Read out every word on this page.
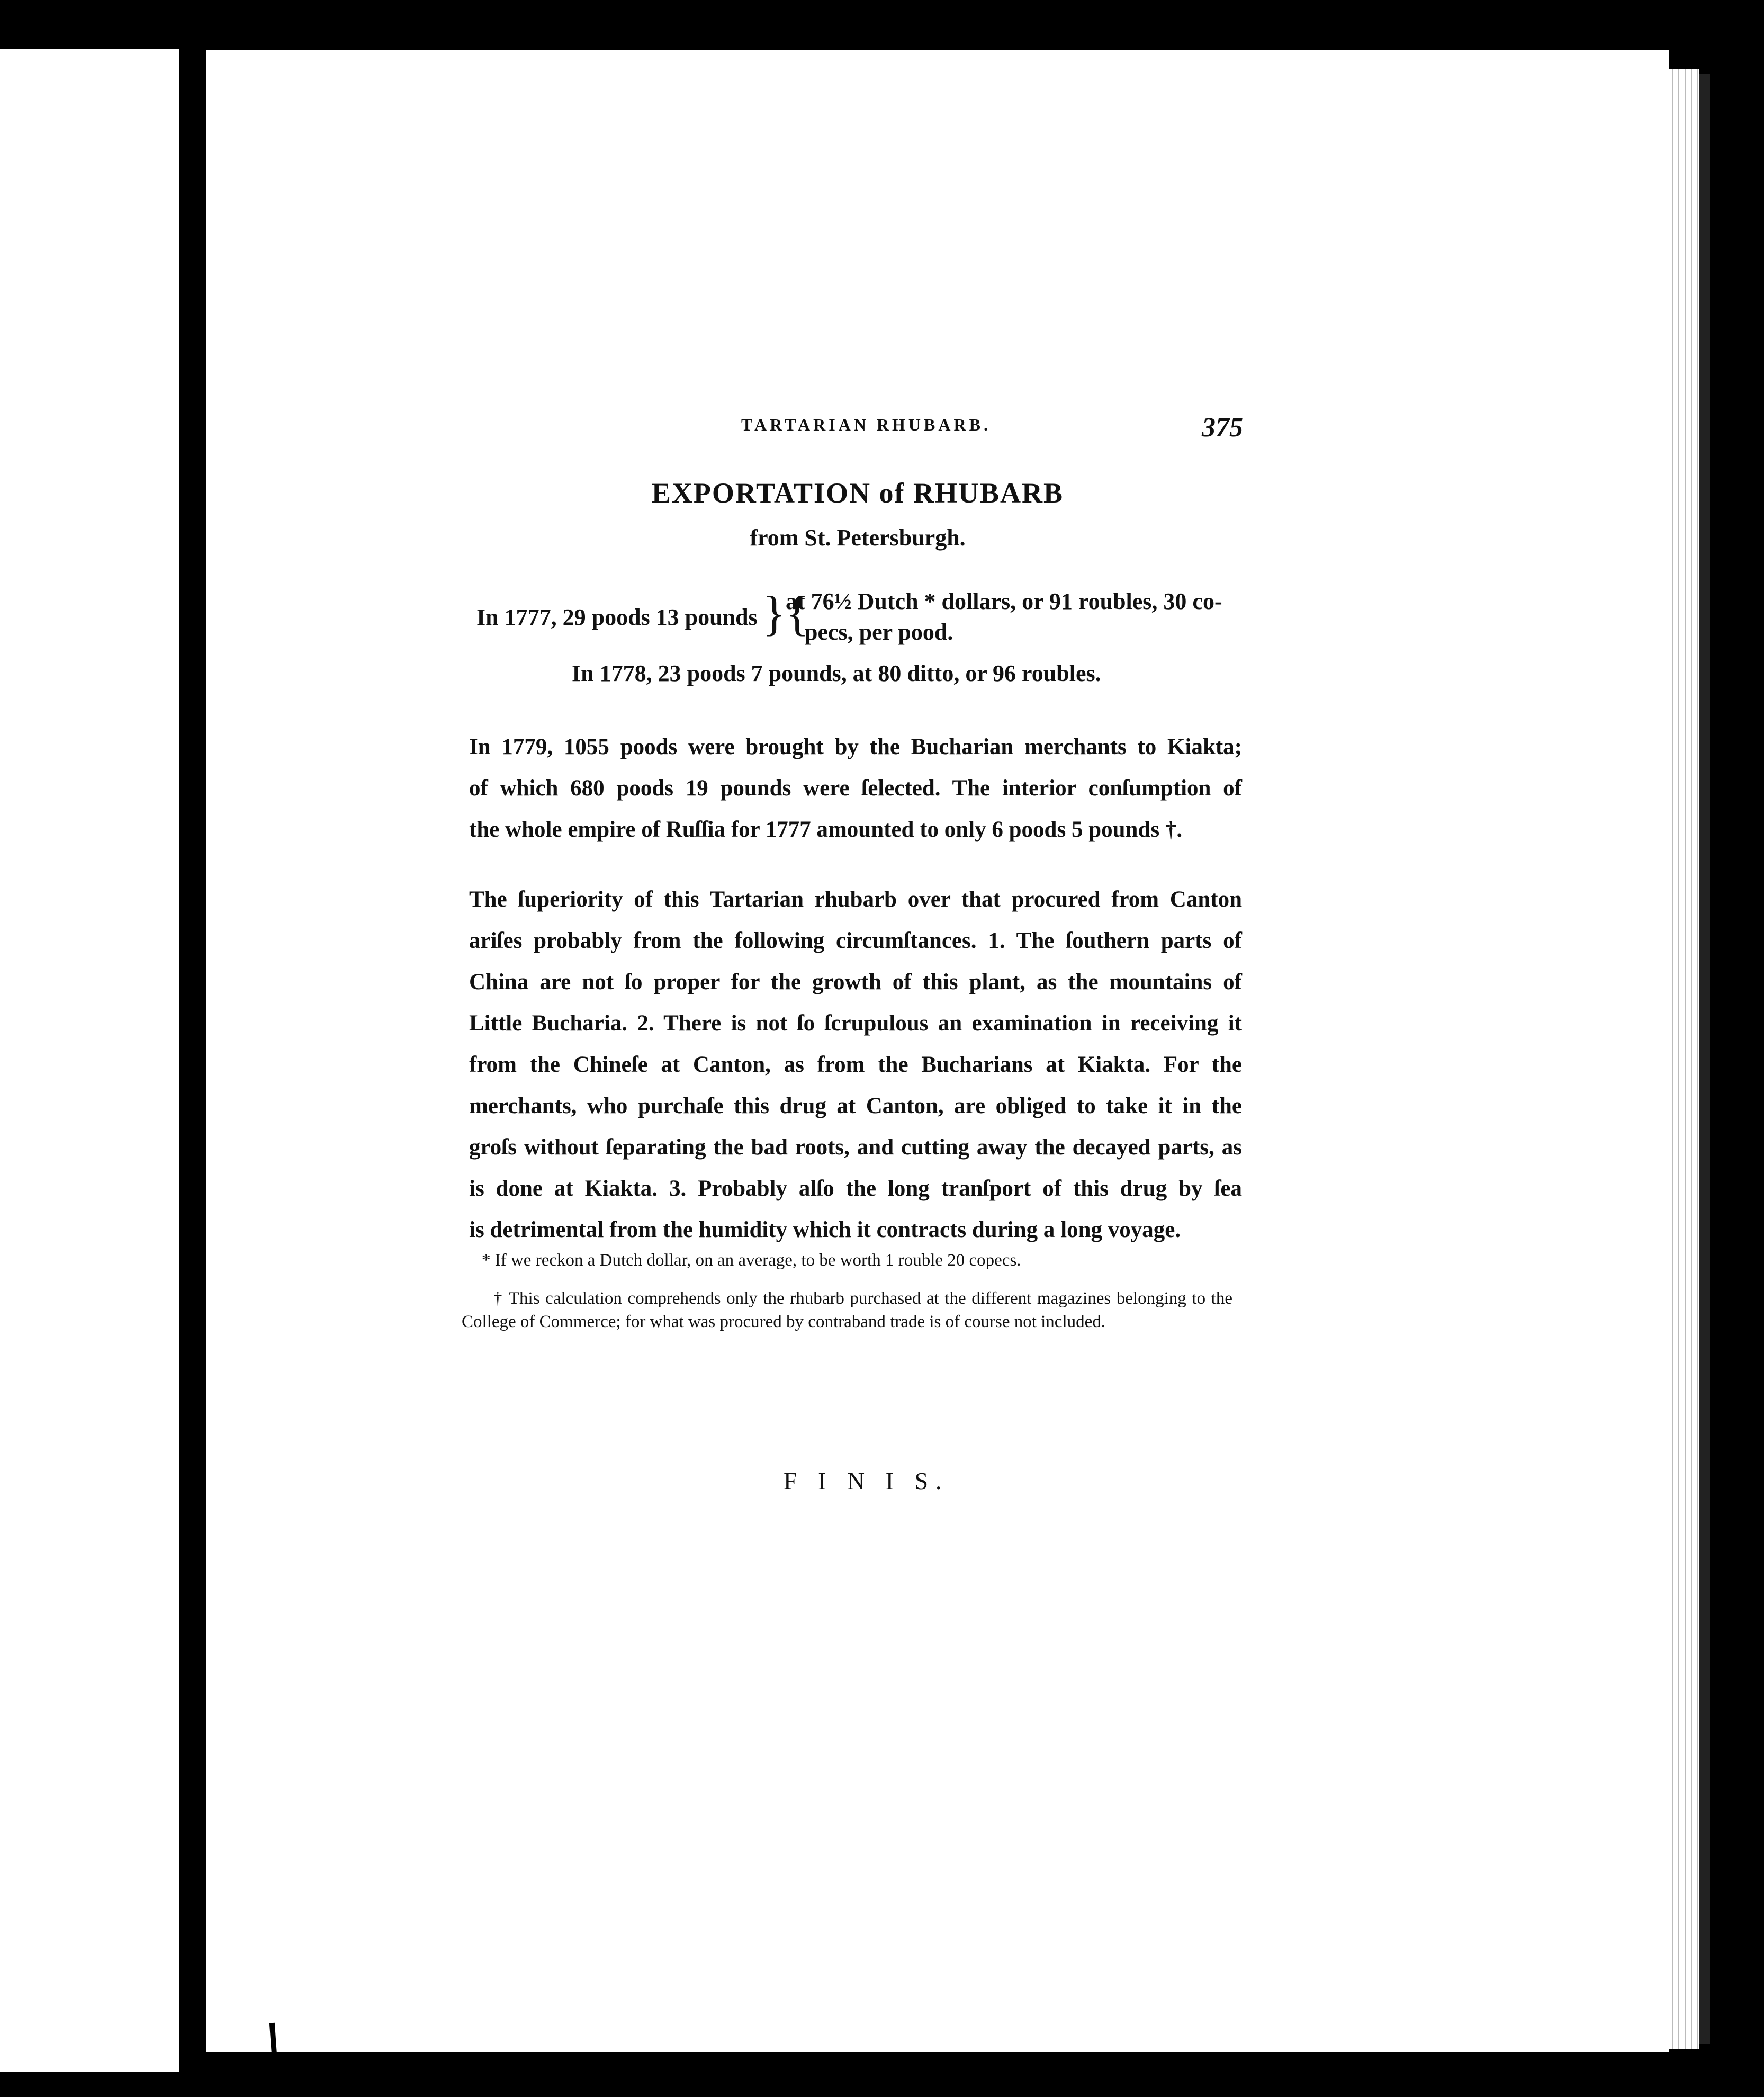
TARTARIAN RHUBARB.	375
EXPORTATION of RHUBARB
from St. Petersburgh.
In 1777, 29 poods 13 pounds }{
at 76½ Dutch * dollars, or 91 roubles, 30 co-
pecs, per pood.
In 1778, 23 poods 7 pounds, at 80 ditto, or 96 roubles.
In 1779, 1055 poods were brought by the Bucharian merchants to Kiakta;
of which 680 poods 19 pounds were ſelected. The interior conſumption of
the whole empire of Ruſſia for 1777 amounted to only 6 poods 5 pounds †.
The ſuperiority of this Tartarian rhubarb over that procured from Canton
ariſes probably from the following circumſtances. 1. The ſouthern parts of
China are not ſo proper for the growth of this plant, as the mountains of
Little Bucharia. 2. There is not ſo ſcrupulous an examination in receiving it
from the Chineſe at Canton, as from the Bucharians at Kiakta. For the
merchants, who purchaſe this drug at Canton, are obliged to take it in the
groſs without ſeparating the bad roots, and cutting away the decayed parts, as
is done at Kiakta. 3. Probably alſo the long tranſport of this drug by ſea
is detrimental from the humidity which it contracts during a long voyage.
* If we reckon a Dutch dollar, on an average, to be worth 1 rouble 20 copecs.
† This calculation comprehends only the rhubarb purchased at the different magazines belonging to the College of Commerce; for what was procured by contraband trade is of course not included.
F I N I S.
